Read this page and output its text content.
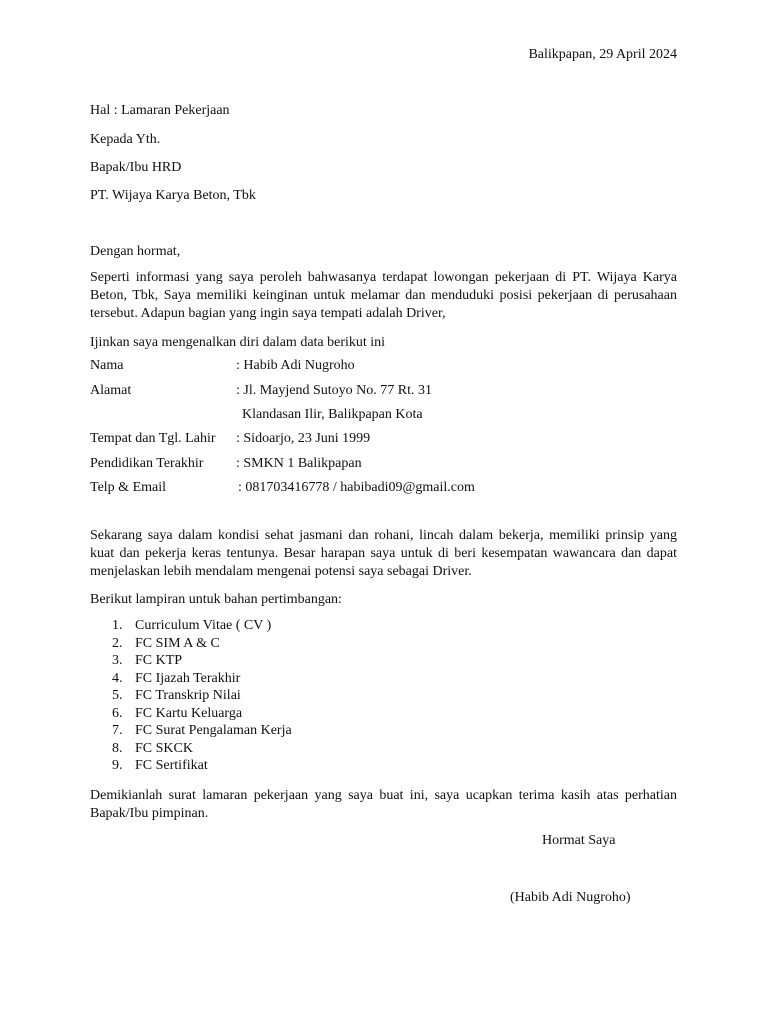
Balikpapan, 29 April 2024
Hal : Lamaran Pekerjaan
Kepada Yth.
Bapak/Ibu HRD
PT. Wijaya Karya Beton, Tbk
Dengan hormat,

Seperti informasi yang saya peroleh bahwasanya terdapat lowongan pekerjaan di PT. Wijaya Karya Beton, Tbk, Saya memiliki keinginan untuk melamar dan menduduki posisi pekerjaan di perusahaan tersebut. Adapun bagian yang ingin saya tempati adalah Driver,

Ijinkan saya mengenalkan diri dalam data berikut ini
Nama	: Habib Adi Nugroho
Alamat	: Jl. Mayjend Sutoyo No. 77 Rt. 31
Klandasan Ilir, Balikpapan Kota
Tempat dan Tgl. Lahir : Sidoarjo, 23 Juni 1999
Pendidikan Terakhir : SMKN 1 Balikpapan
Telp & Email	: 081703416778 / habibadi09@gmail.com

Sekarang saya dalam kondisi sehat jasmani dan rohani, lincah dalam bekerja, memiliki prinsip yang kuat dan pekerja keras tentunya. Besar harapan saya untuk di beri kesempatan wawancara dan dapat menjelaskan lebih mendalam mengenai potensi saya sebagai Driver.

Berikut lampiran untuk bahan pertimbangan:
1. Curriculum Vitae ( CV )
2. FC SIM A & C
3. FC KTP
4. FC Ijazah Terakhir
5. FC Transkrip Nilai
6. FC Kartu Keluarga
7. FC Surat Pengalaman Kerja
8. FC SKCK
9. FC Sertifikat

Demikianlah surat lamaran pekerjaan yang saya buat ini, saya ucapkan terima kasih atas perhatian Bapak/Ibu pimpinan.

Hormat Saya
(Habib Adi Nugroho)
